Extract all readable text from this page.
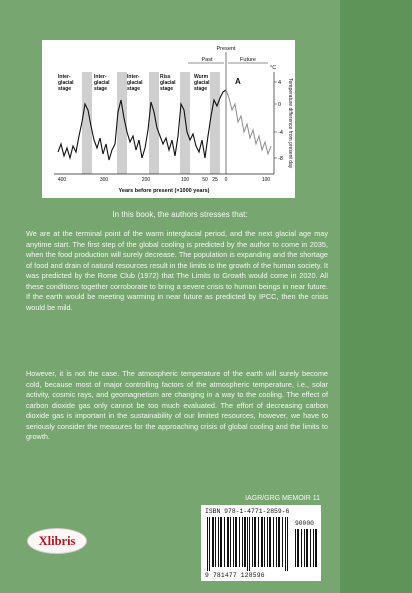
Present
Past	Future
°C
A
Inter-
glacial
stage
Inter-
glacial
stage
Inter-
glacial
stage
Riss
glacial
stage
Wurm
glacial
stage
4
0
-4
-8
400	300	200	100	50 25 0	100
Years before present (×1000 years)
Temperature difference from present day
In this book, the authors stresses that:

We are at the terminal point of the warm interglacial period, and the next glacial age may anytime start. The first step of the global cooling is predicted by the author to come in 2035, when the food production will surely decrease. The population is expanding and the shortage of food and drain of natural resources result in the limits to the growth of the human society. It was predicted by the Rome Club (1972) that The Limits to Growth would come in 2020. All these conditions together corroborate to bring a severe crisis to human beings in near future. If the earth would be meeting warming in near future as predicted by IPCC, then the crisis would be mild.

However, it is not the case. The atmospheric temperature of the earth will surely become cold, because most of major controlling factors of the atmospheric temperature, i.e., solar activity, cosmic rays, and geomagnetism are changing in a way to the cooling. The effect of carbon dioxide gas only cannot be too much evaluated. The effort of decreasing carbon dioxide gas is important in the sustainability of our limited resources, however, we have to seriously consider the measures for the approaching crisis of global cooling and the limits to growth.

IAGR/GRG MEMOIR 11
Xlibris
ISBN 978-1-4771-2859-6
9 781477 128596
90000
